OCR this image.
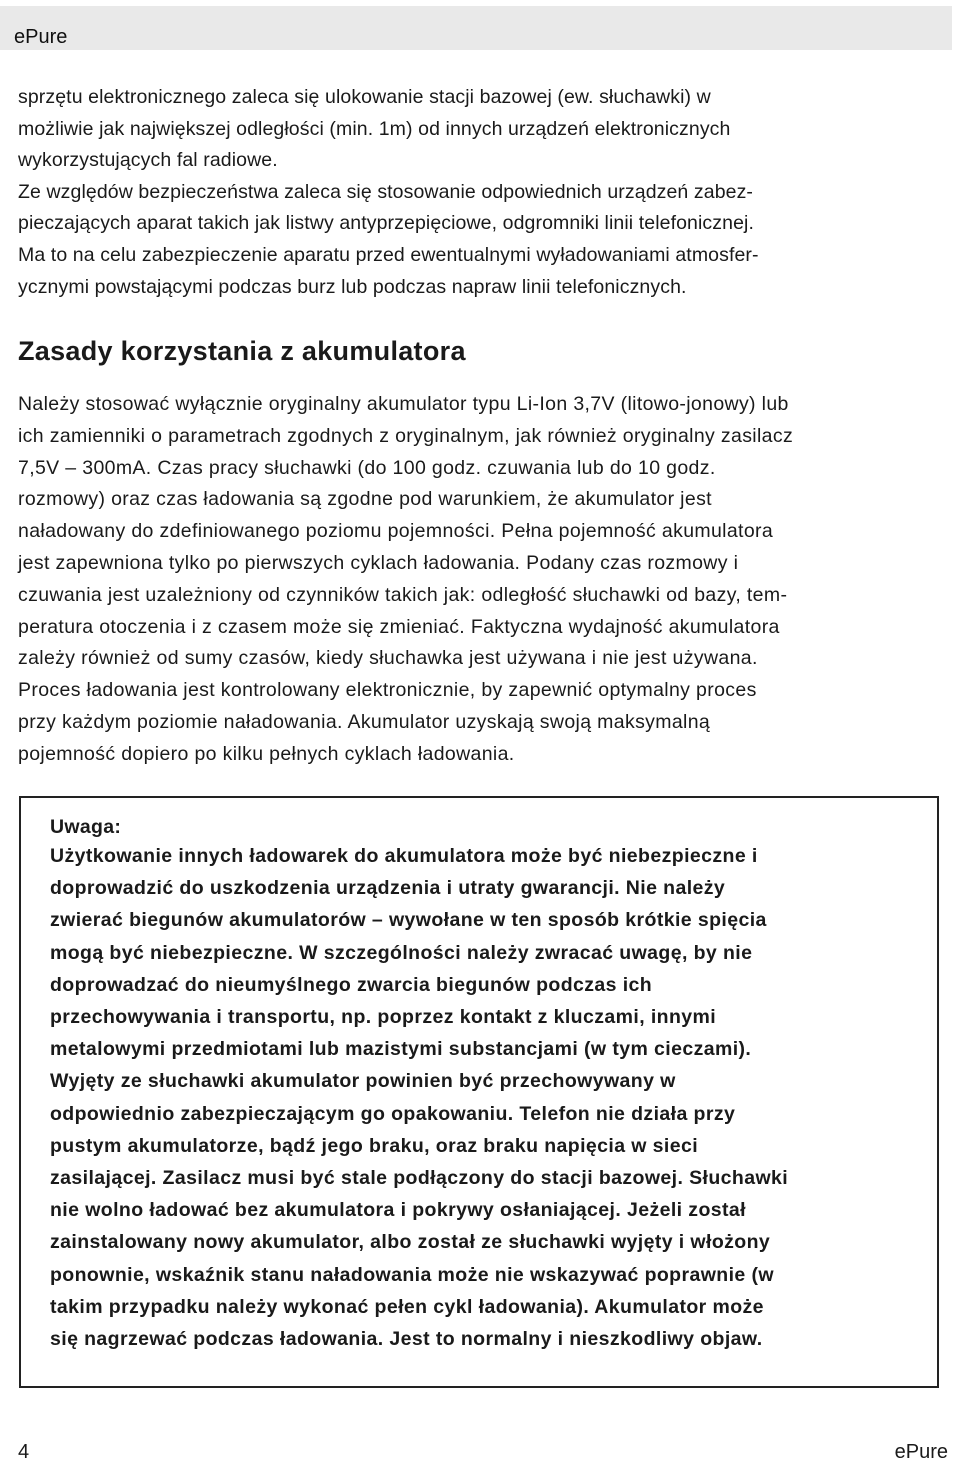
ePure
sprzętu elektronicznego zaleca się ulokowanie stacji bazowej (ew. słuchawki) w
możliwie jak największej odległości (min. 1m) od innych urządzeń elektronicznych
wykorzystujących fal radiowe.
Ze względów bezpieczeństwa zaleca się stosowanie odpowiednich urządzeń zabez-
pieczających aparat takich jak listwy antyprzepięciowe, odgromniki linii telefonicznej.
Ma to na celu zabezpieczenie aparatu przed ewentualnymi wyładowaniami atmosfer-
ycznymi powstającymi podczas burz lub podczas napraw linii telefonicznych.
Zasady korzystania z akumulatora
Należy stosować wyłącznie oryginalny akumulator typu Li-Ion 3,7V (litowo-jonowy) lub
ich zamienniki o parametrach zgodnych z oryginalnym, jak również oryginalny zasilacz
7,5V – 300mA. Czas pracy słuchawki (do 100 godz. czuwania lub do 10 godz.
rozmowy) oraz czas ładowania są zgodne pod warunkiem, że akumulator jest
naładowany do zdefiniowanego poziomu pojemności. Pełna pojemność akumulatora
jest zapewniona tylko po pierwszych cyklach ładowania. Podany czas rozmowy i
czuwania jest uzależniony od czynników takich jak: odległość słuchawki od bazy, tem-
peratura otoczenia i z czasem może się zmieniać. Faktyczna wydajność akumulatora
zależy również od sumy czasów, kiedy słuchawka jest używana i nie jest używana.
Proces ładowania jest kontrolowany elektronicznie, by zapewnić optymalny proces
przy każdym poziomie naładowania. Akumulator uzyskają swoją maksymalną
pojemność dopiero po kilku pełnych cyklach ładowania.
Uwaga:
Użytkowanie innych ładowarek do akumulatora może być niebezpieczne i
doprowadzić do uszkodzenia urządzenia i utraty gwarancji. Nie należy
zwierać biegunów akumulatorów – wywołane w ten sposób krótkie spięcia
mogą być niebezpieczne. W szczególności należy zwracać uwagę, by nie
doprowadzać do nieumyślnego zwarcia biegunów podczas ich
przechowywania i transportu, np. poprzez kontakt z kluczami, innymi
metalowymi przedmiotami lub mazistymi substancjami (w tym cieczami).
Wyjęty ze słuchawki akumulator powinien być przechowywany w
odpowiednio zabezpieczającym go opakowaniu. Telefon nie działa przy
pustym akumulatorze, bądź jego braku, oraz braku napięcia w sieci
zasilającej. Zasilacz musi być stale podłączony do stacji bazowej. Słuchawki
nie wolno ładować bez akumulatora i pokrywy osłaniającej. Jeżeli został
zainstalowany nowy akumulator, albo został ze słuchawki wyjęty i włożony
ponownie, wskaźnik stanu naładowania może nie wskazywać poprawnie (w
takim przypadku należy wykonać pełen cykl ładowania). Akumulator może
się nagrzewać podczas ładowania. Jest to normalny i nieszkodliwy objaw.
4	ePure
